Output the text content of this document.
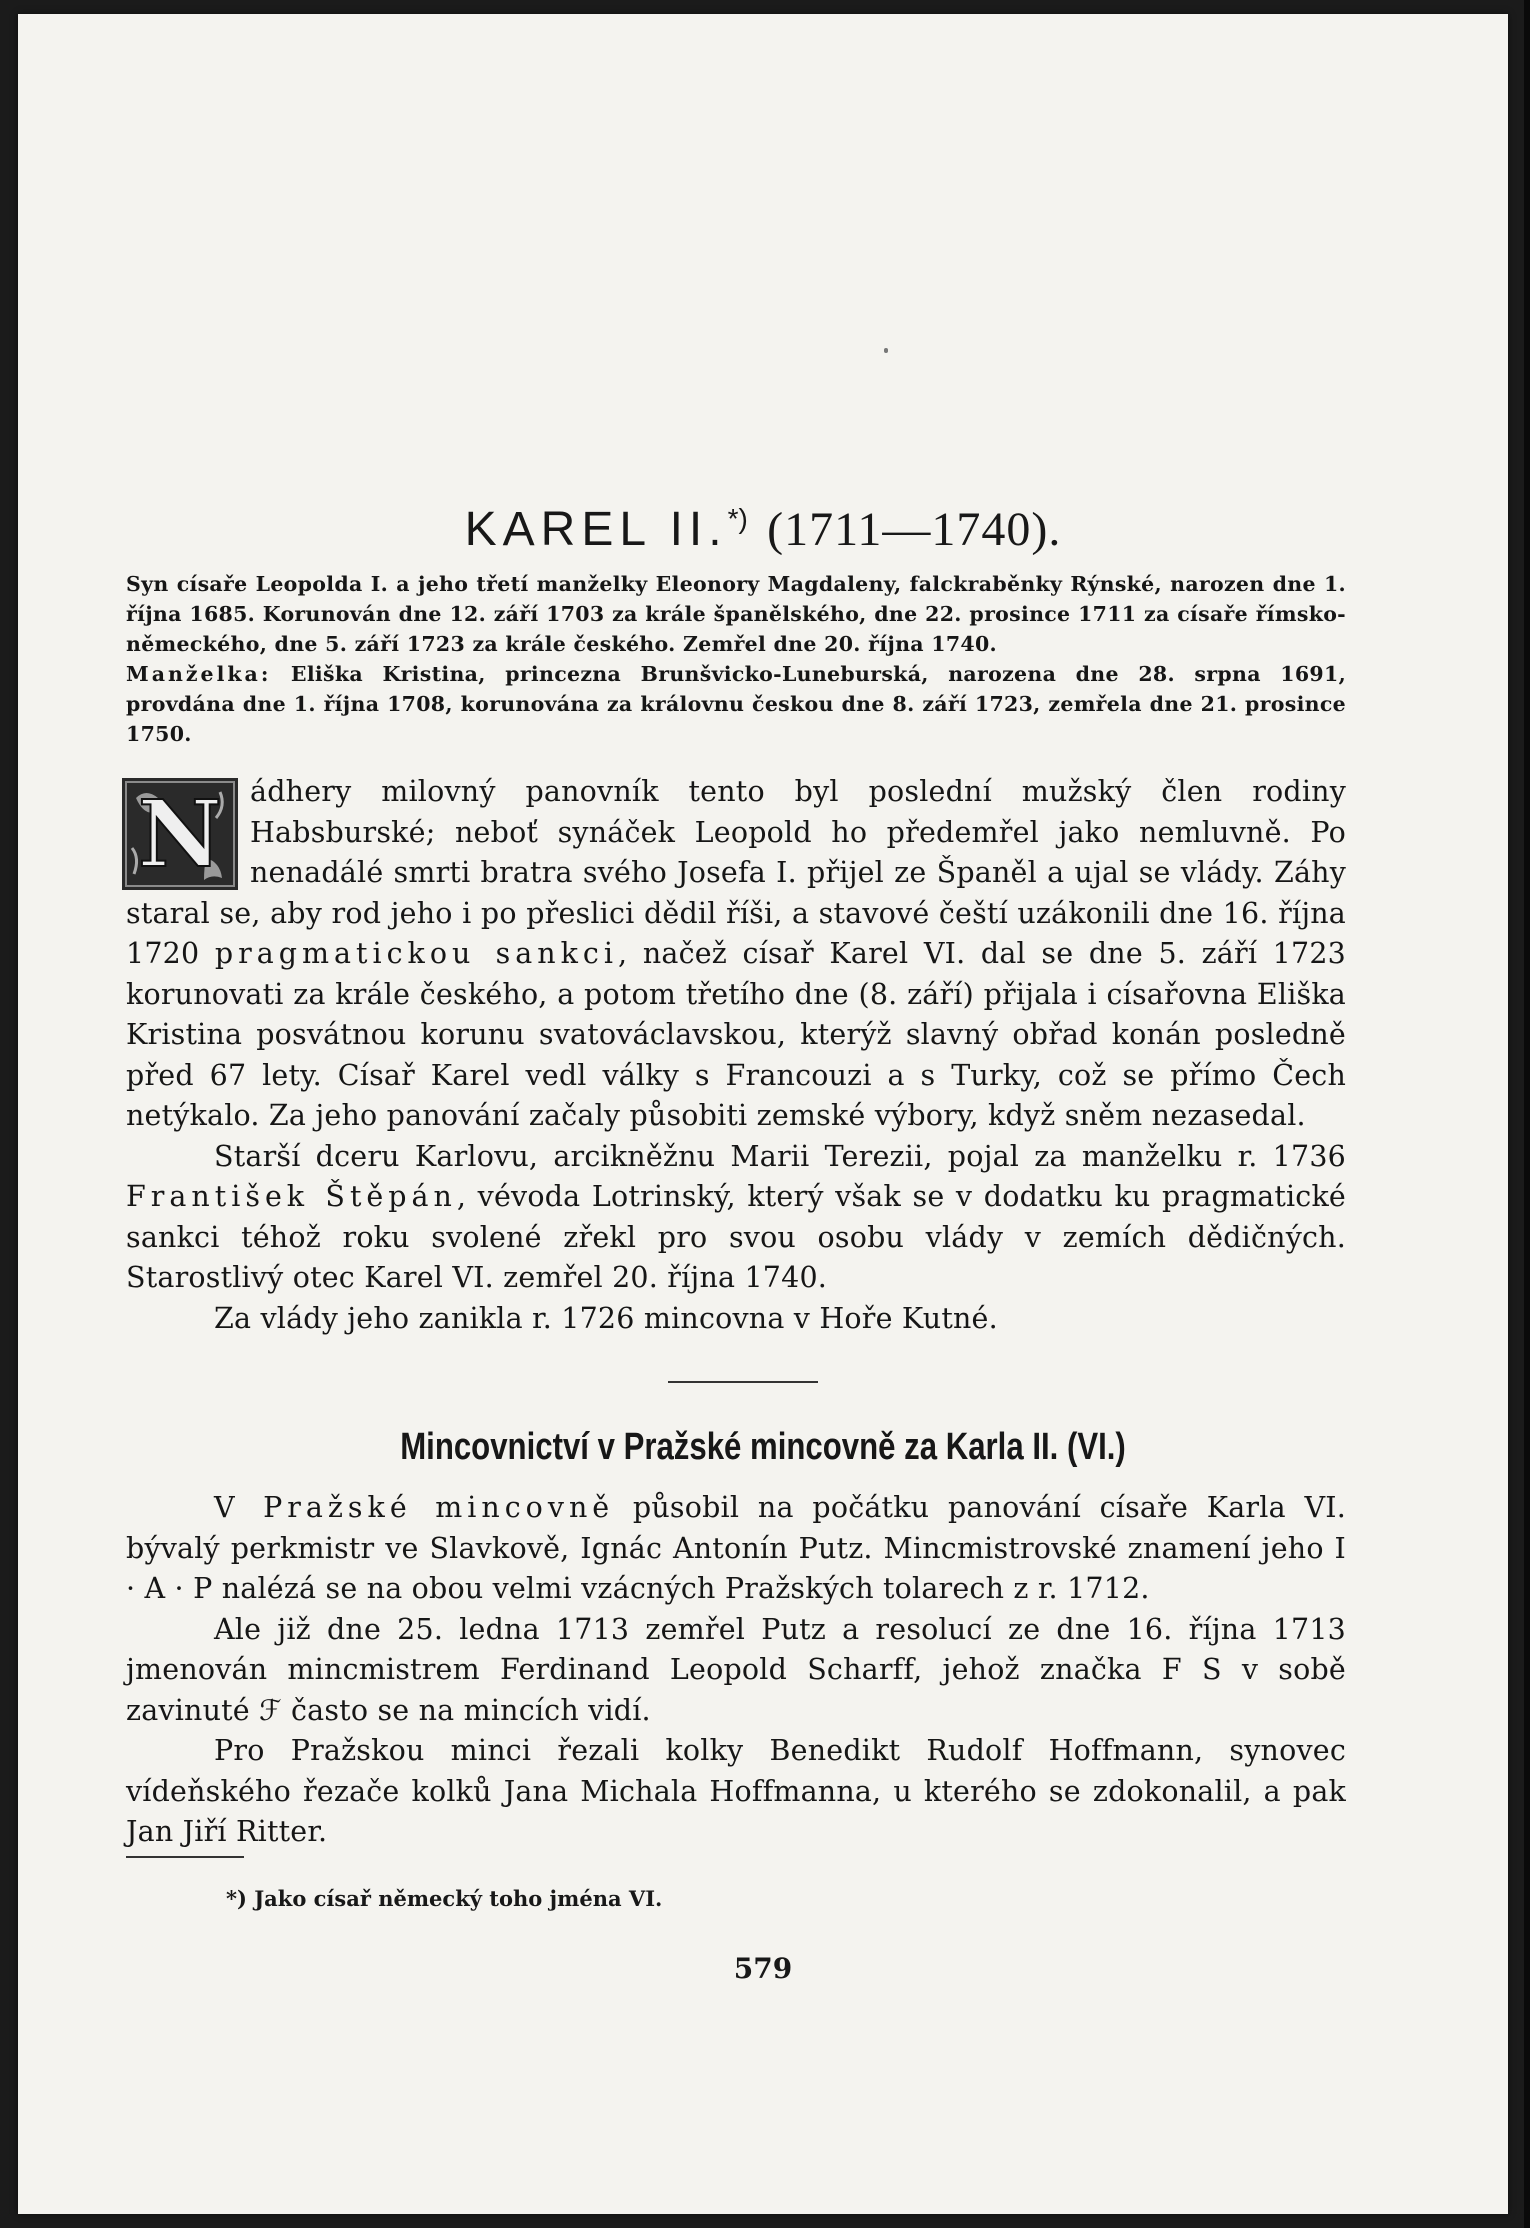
KAREL II.*) (1711—1740).

Syn císaře Leopolda I. a jeho třetí manželky Eleonory Magdaleny, falckraběnky Rýnské, narozen dne 1. října 1685. Korunován dne 12. září 1703 za krále španělského, dne 22. prosince 1711 za císaře římsko-německého, dne 5. září 1723 za krále českého. Zemřel dne 20. října 1740.

Manželka: Eliška Kristina, princezna Brunšvicko-Luneburská, narozena dne 28. srpna 1691, provdána dne 1. října 1708, korunována za královnu českou dne 8. září 1723, zemřela dne 21. prosince 1750.

N ádhery milovný panovník tento byl poslední mužský člen rodiny Habsburské; neboť synáček Leopold ho předemřel jako nemluvně. Po nenadálé smrti bratra svého Josefa I. přijel ze Španěl a ujal se vlády. Záhy staral se, aby rod jeho i po přeslici dědil říši, a stavové čeští uzákonili dne 16. října 1720 pragmatickou sankci, načež císař Karel VI. dal se dne 5. září 1723 korunovati za krále českého, a potom třetího dne (8. září) přijala i císařovna Eliška Kristina posvátnou korunu svatováclavskou, kterýž slavný obřad konán posledně před 67 lety. Císař Karel vedl války s Francouzi a s Turky, což se přímo Čech netýkalo. Za jeho panování začaly působiti zemské výbory, když sněm nezasedal.

Starší dceru Karlovu, arcikněžnu Marii Terezii, pojal za manželku r. 1736 František Štěpán, vévoda Lotrinský, který však se v dodatku ku pragmatické sankci téhož roku svolené zřekl pro svou osobu vlády v zemích dědičných. Starostlivý otec Karel VI. zemřel 20. října 1740.

Za vlády jeho zanikla r. 1726 mincovna v Hoře Kutné.

Mincovnictví v Pražské mincovně za Karla II. (VI.)

V Pražské mincovně působil na počátku panování císaře Karla VI. bývalý perkmistr ve Slavkově, Ignác Antonín Putz. Mincmistrovské znamení jeho I · A · P nalézá se na obou velmi vzácných Pražských tolarech z r. 1712.

Ale již dne 25. ledna 1713 zemřel Putz a resolucí ze dne 16. října 1713 jmenován mincmistrem Ferdinand Leopold Scharff, jehož značka F S v sobě zavinuté ℱ často se na mincích vidí.

Pro Pražskou minci řezali kolky Benedikt Rudolf Hoffmann, synovec vídeňského řezače kolků Jana Michala Hoffmanna, u kterého se zdokonalil, a pak Jan Jiří Ritter.

*) Jako císař německý toho jména VI.
579
